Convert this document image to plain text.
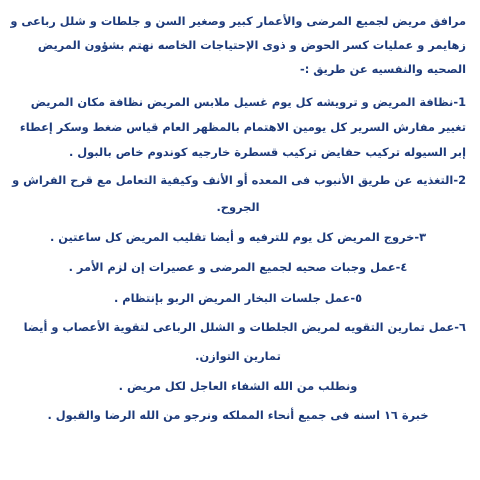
مرافق مريض لجميع المرضى والأعمار كبير وصغير السن و جلطات و شلل رباعى و
زهايمر و عمليات كسر الحوض و ذوى الإحتياجات الخاصه نهتم بشؤون المريض
الصحيه والنفسيه عن طريق :-
1-نظافة المريض و ترويشه كل يوم غسيل ملابس المريض نظافة مكان المريض
تغيير مفارش السرير كل يومين الاهتمام بالمظهر العام قياس ضغط وسكر إعطاء
إبر السيوله تركيب حفايض تركيب قسطرة خارجيه كوندوم خاص بالبول .
2-التغذيه عن طريق الأنبوب فى المعده أو الأنف وكيفية التعامل مع قرح الفراش و
الجروح.
٣-خروج المريض كل يوم للترفيه و أيضا تقليب المريض كل ساعتين .
٤-عمل وجبات صحيه لجميع المرضى و عصيرات إن لزم الأمر .
٥-عمل جلسات البخار المريض الربو بإنتظام .
٦-عمل تمارين التقويه لمريض الجلطات و الشلل الرباعى لتقوية الأعصاب و أيضا
تمارين التوازن.
ونطلب من الله الشفاء العاجل لكل مريض .
خبرة ١٦ اسنه فى جميع أنحاء المملكه ونرجو من الله الرضا والقبول .
